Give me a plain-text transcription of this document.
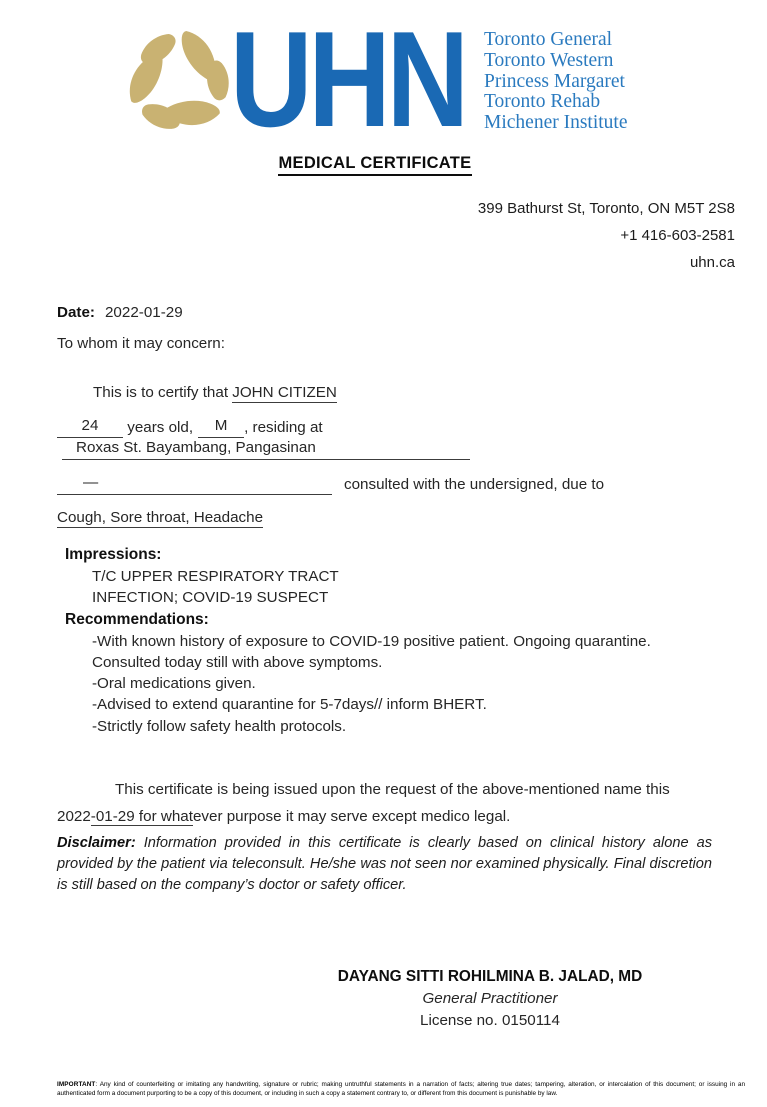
UHN Toronto General
Toronto Western
Princess Margaret
Toronto Rehab
Michener Institute
MEDICAL CERTIFICATE
399 Bathurst St, Toronto, ON M5T 2S8
+1 416-603-2581
uhn.ca

Date: 2022-01-29

To whom it may concern:

This is to certify that JOHN CITIZEN

24 years old, M , residing atRoxas St. Bayambang, Pangasinan

—	consulted with the undersigned, due to

Cough, Sore throat, Headache

Impressions:

T/C UPPER RESPIRATORY TRACT

INFECTION; COVID-19 SUSPECT

Recommendations:

-With known history of exposure to COVID-19 positive patient. Ongoing quarantine.

Consulted today still with above symptoms.

-Oral medications given.

-Advised to extend quarantine for 5-7days// inform BHERT.

-Strictly follow safety health protocols.

This certificate is being issued upon the request of the above-mentioned name this

2022-01-29 for whatever purpose it may serve except medico legal.

Disclaimer: Information provided in this certificate is clearly based on clinical history alone as provided by the patient via teleconsult. He/she was not seen nor examined physically. Final discretion is still based on the company’s doctor or safety officer.

DAYANG SITTI ROHILMINA B. JALAD, MD
General Practitioner
License no. 0150114

IMPORTANT: Any kind of counterfeiting or imitating any handwriting, signature or rubric; making untruthful statements in a narration of facts; altering true dates; tampering, alteration, or intercalation of this document; or issuing in an authenticated form a document purporting to be a copy of this document, or including in such a copy a statement contrary to, or different from this document is punishable by law.
